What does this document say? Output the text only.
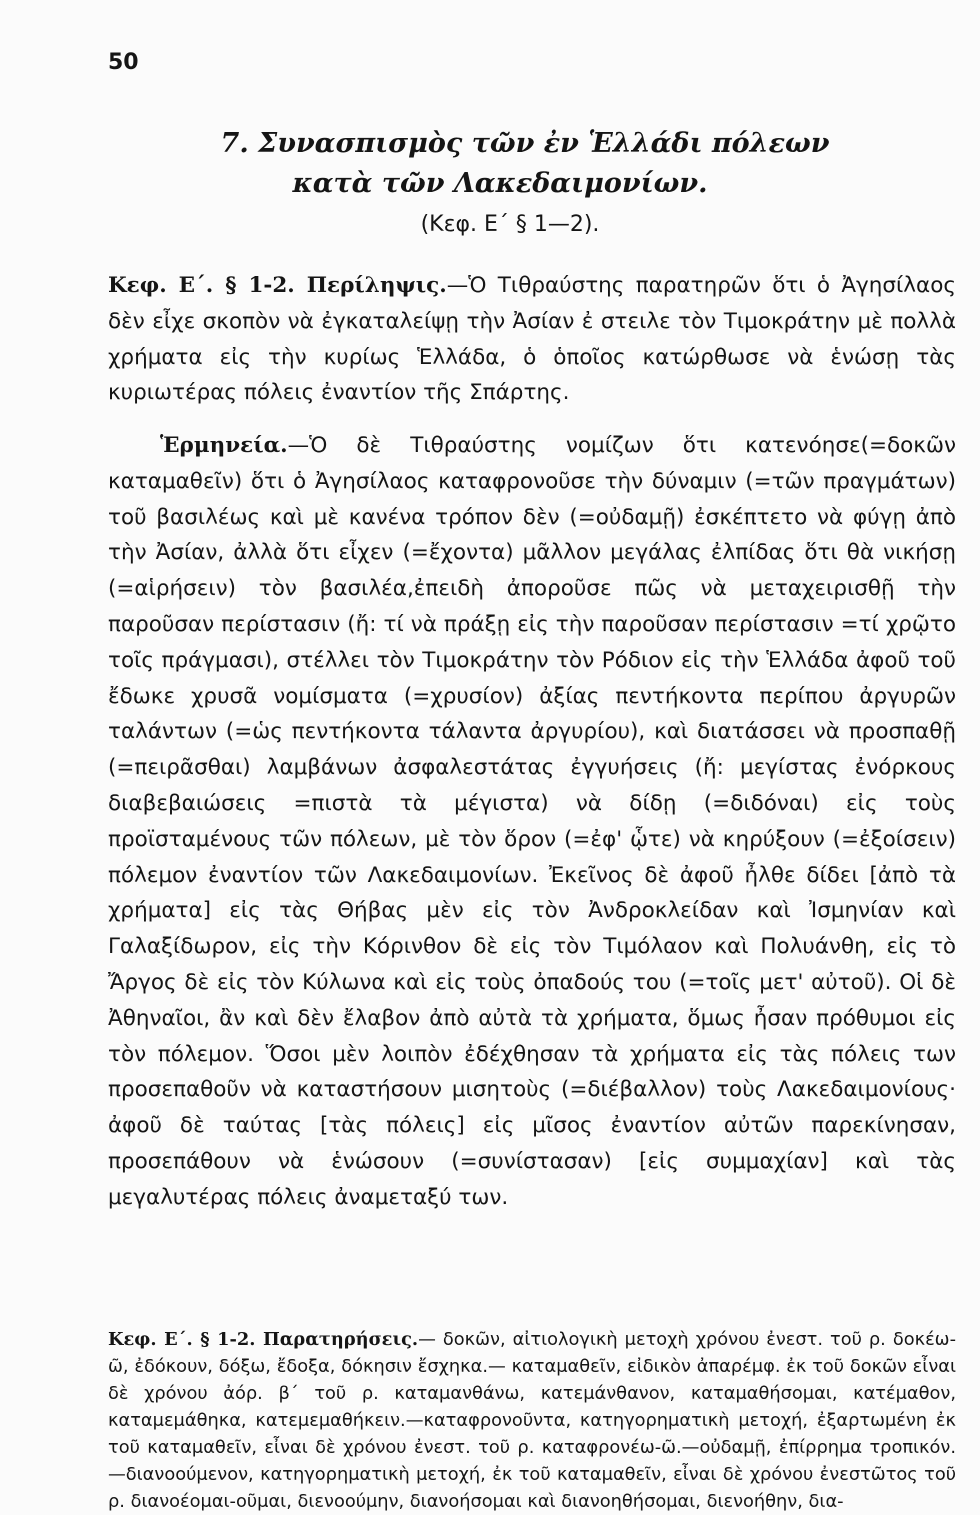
50
7. Συνασπισμὸς τῶν ἐν Ἑλλάδι πόλεων
κατὰ τῶν Λακεδαιμονίων.
(Κεφ. Ε´ § 1—2).
Κεφ. Ε´. § 1-2. Περίληψις.—Ὁ Τιθραύστης παρατηρῶν ὅτι ὁ Ἀγησίλαος δὲν εἶχε σκοπὸν νὰ ἐγκαταλείψῃ τὴν Ἀσίαν ἐ στειλε τὸν Τιμοκράτην μὲ πολλὰ χρήματα εἰς τὴν κυρίως Ἑλλάδα, ὁ ὁποῖος κατώρθωσε νὰ ἑνώσῃ τὰς κυριωτέρας πόλεις ἐναντίον τῆς Σπάρτης.
Ἑρμηνεία.—Ὁ δὲ Τιθραύστης νομίζων ὅτι κατενόησε(=δοκῶν καταμαθεῖν) ὅτι ὁ Ἀγησίλαος καταφρονοῦσε τὴν δύναμιν (=τῶν πραγμάτων) τοῦ βασιλέως καὶ μὲ κανένα τρόπον δὲν (=οὐδαμῇ) ἐσκέπτετο νὰ φύγῃ ἀπὸ τὴν Ἀσίαν, ἀλλὰ ὅτι εἶχεν (=ἔχοντα) μᾶλλον μεγάλας ἐλπίδας ὅτι θὰ νικήσῃ (=αἱρήσειν) τὸν βασιλέα,ἐπειδὴ ἀποροῦσε πῶς νὰ μεταχειρισθῇ τὴν παροῦσαν περίστασιν (ἤ: τί νὰ πράξῃ εἰς τὴν παροῦσαν περίστασιν =τί χρῷτο τοῖς πράγμασι), στέλλει τὸν Τιμοκράτην τὸν Ρόδιον εἰς τὴν Ἑλλάδα ἀφοῦ τοῦ ἔδωκε χρυσᾶ νομίσματα (=χρυσίον) ἀξίας πεντήκοντα περίπου ἀργυρῶν ταλάντων (=ὡς πεντήκοντα τάλαντα ἀργυρίου), καὶ διατάσσει νὰ προσπαθῇ (=πειρᾶσθαι) λαμβάνων ἀσφαλεστάτας ἐγγυήσεις (ἤ: μεγίστας ἐνόρκους διαβεβαιώσεις =πιστὰ τὰ μέγιστα) νὰ δίδῃ (=διδόναι) εἰς τοὺς προϊσταμένους τῶν πόλεων, μὲ τὸν ὅρον (=ἐφ' ᾧτε) νὰ κηρύξουν (=ἐξοίσειν) πόλεμον ἐναντίον τῶν Λακεδαιμονίων. Ἐκεῖνος δὲ ἀφοῦ ἦλθε δίδει [ἀπὸ τὰ χρήματα] εἰς τὰς Θήβας μὲν εἰς τὸν Ἀνδροκλείδαν καὶ Ἰσμηνίαν καὶ Γαλαξίδωρον, εἰς τὴν Κόρινθον δὲ εἰς τὸν Τιμόλαον καὶ Πολυάνθη, εἰς τὸ Ἄργος δὲ εἰς τὸν Κύλωνα καὶ εἰς τοὺς ὀπαδούς του (=τοῖς μετ' αὐτοῦ). Οἱ δὲ Ἀθηναῖοι, ἂν καὶ δὲν ἔλαβον ἀπὸ αὐτὰ τὰ χρήματα, ὅμως ἦσαν πρόθυμοι εἰς τὸν πόλεμον. Ὅσοι μὲν λοιπὸν ἐδέχθησαν τὰ χρήματα εἰς τὰς πόλεις των προσεπαθοῦν νὰ καταστήσουν μισητοὺς (=διέβαλλον) τοὺς Λακεδαιμονίους· ἀφοῦ δὲ ταύτας [τὰς πόλεις] εἰς μῖσος ἐναντίον αὐτῶν παρεκίνησαν, προσεπάθουν νὰ ἑνώσουν (=συνίστασαν) [εἰς συμμαχίαν] καὶ τὰς μεγαλυτέρας πόλεις ἀναμεταξύ των.
Κεφ. Ε´. § 1-2. Παρατηρήσεις.— δοκῶν, αἰτιολογικὴ μετοχὴ χρόνου ἐνεστ. τοῦ ρ. δοκέω-ῶ, ἐδόκουν, δόξω, ἔδοξα, δόκησιν ἔσχηκα.— καταμαθεῖν, εἰδικὸν ἀπαρέμφ. ἐκ τοῦ δοκῶν εἶναι δὲ χρόνου ἀόρ. β´ τοῦ ρ. καταμανθάνω, κατεμάνθανον, καταμαθήσομαι, κατέμαθον, καταμεμάθηκα, κατεμεμαθήκειν.—καταφρονοῦντα, κατηγορηματικὴ μετοχή, ἐξαρτωμένη ἐκ τοῦ καταμαθεῖν, εἶναι δὲ χρόνου ἐνεστ. τοῦ ρ. καταφρονέω-ῶ.—οὐδαμῇ, ἐπίρρημα τροπικόν.—διανοούμενον, κατηγορηματικὴ μετοχή, ἐκ τοῦ καταμαθεῖν, εἶναι δὲ χρόνου ἐνεστῶτος τοῦ ρ. διανοέομαι-οῦμαι, διενοούμην, διανοήσομαι καὶ διανοηθήσομαι, διενοήθην, δια-
